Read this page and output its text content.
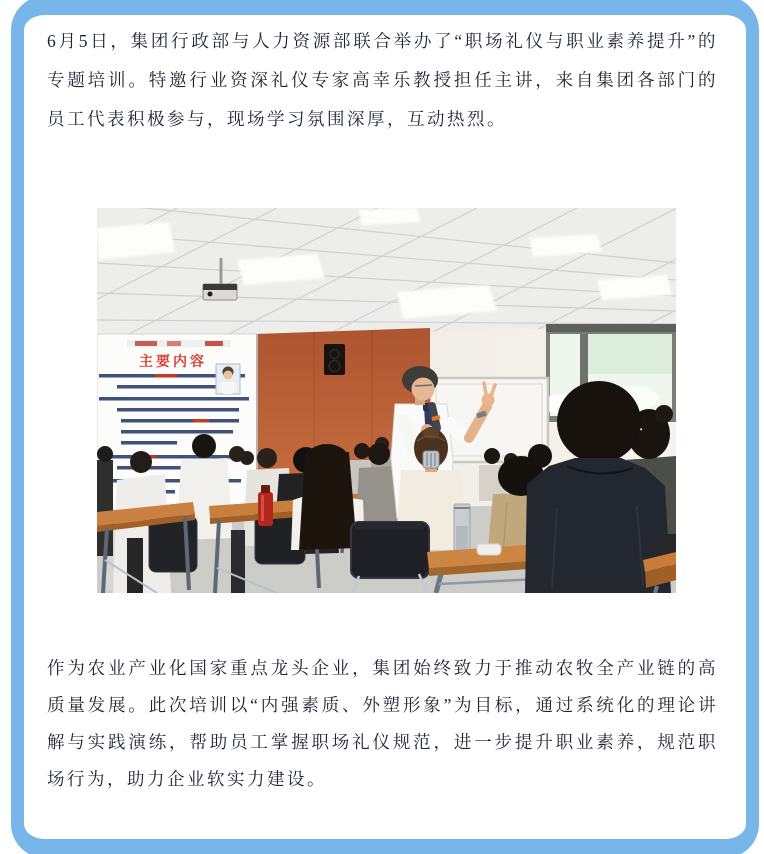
6月5日，集团行政部与人力资源部联合举办了“职场礼仪与职业素养提升”的专题培训。特邀行业资深礼仪专家高幸乐教授担任主讲，来自集团各部门的员工代表积极参与，现场学习氛围深厚，互动热烈。

主要内容

作为农业产业化国家重点龙头企业，集团始终致力于推动农牧全产业链的高质量发展。此次培训以“内强素质、外塑形象”为目标，通过系统化的理论讲解与实践演练，帮助员工掌握职场礼仪规范，进一步提升职业素养，规范职场行为，助力企业软实力建设。
